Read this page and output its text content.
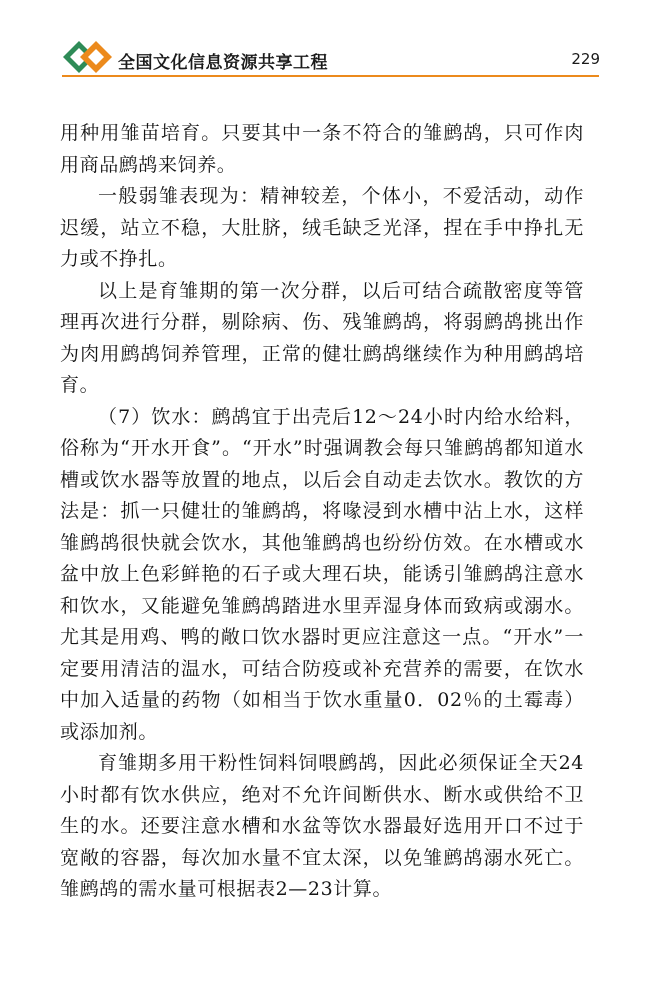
全国文化信息资源共享工程	229

用种用雏苗培育。只要其中一条不符合的雏鹧鸪，只可作肉用商品鹧鸪来饲养。

一般弱雏表现为：精神较差，个体小，不爱活动，动作迟缓，站立不稳，大肚脐，绒毛缺乏光泽，捏在手中挣扎无力或不挣扎。

以上是育雏期的第一次分群，以后可结合疏散密度等管理再次进行分群，剔除病、伤、残雏鹧鸪，将弱鹧鸪挑出作为肉用鹧鸪饲养管理，正常的健壮鹧鸪继续作为种用鹧鸪培育。

（7）饮水：鹧鸪宜于出壳后12～24小时内给水给料，俗称为“开水开食”。“开水”时强调教会每只雏鹧鸪都知道水槽或饮水器等放置的地点，以后会自动走去饮水。教饮的方法是：抓一只健壮的雏鹧鸪，将喙浸到水槽中沾上水，这样雏鹧鸪很快就会饮水，其他雏鹧鸪也纷纷仿效。在水槽或水盆中放上色彩鲜艳的石子或大理石块，能诱引雏鹧鸪注意水和饮水，又能避免雏鹧鸪踏进水里弄湿身体而致病或溺水。尤其是用鸡、鸭的敞口饮水器时更应注意这一点。“开水”一定要用清洁的温水，可结合防疫或补充营养的需要，在饮水中加入适量的药物（如相当于饮水重量0．02％的土霉毒）或添加剂。

育雏期多用干粉性饲料饲喂鹧鸪，因此必须保证全天24小时都有饮水供应，绝对不允许间断供水、断水或供给不卫生的水。还要注意水槽和水盆等饮水器最好选用开口不过于宽敞的容器，每次加水量不宜太深，以免雏鹧鸪溺水死亡。雏鹧鸪的需水量可根据表2—23计算。
